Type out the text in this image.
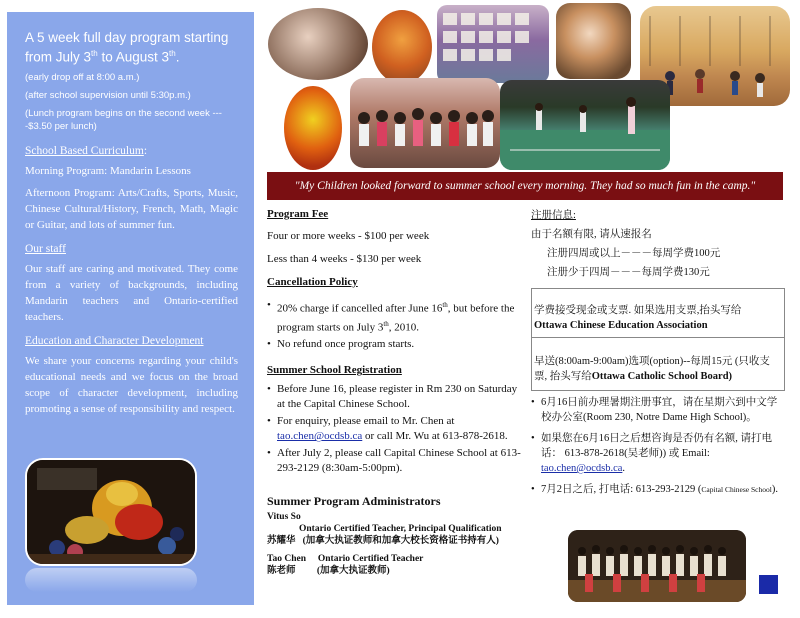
A 5 week full day program starting from July 3th to August 3th.
(early drop off at 8:00 a.m.)
(after school supervision until 5:30p.m.)
(Lunch program begins on the second week ----$3.50 per lunch)
School Based Curriculum:
Morning Program: Mandarin Lessons
Afternoon Program: Arts/Crafts, Sports, Music, Chinese Cultural/History, French, Math, Magic or Guitar, and lots of summer fun.
Our staff
Our staff are caring and motivated. They come from a variety of backgrounds, including Mandarin teachers and Ontario-certified teachers.
Education and Character Development
We share your concerns regarding your child's educational needs and we focus on the broad scope of character development, including promoting a sense of responsibility and respect.
"My Children looked forward to summer school every morning. They had so much fun in the camp."
Program Fee
Four or more weeks - $100 per week
Less than 4 weeks - $130 per week
Cancellation Policy
• 20% charge if cancelled after June 16th, but before the program starts on July 3th, 2010.
• No refund once program starts.
Summer School Registration
• Before June 16, please register in Rm 230 on Saturday at the Capital Chinese School.
• For enquiry, please email to Mr. Chen at tao.chen@ocdsb.ca or call Mr. Wu at 613-878-2618.
• After July 2, please call Capital Chinese School at 613-293-2129 (8:30am-5:00pm).
Summer Program Administrators
Vitus So
Ontario Certified Teacher, Principal Qualification
苏耀华 (加拿大执证教师和加拿大校长资格证书持有人)
Tao Chen Ontario Certified Teacher
陈老师 (加拿大执证教师)
注册信息:
由于名额有限, 请从速报名
注册四周或以上－－－每周学费100元
注册少于四周－－－每周学费130元
学费接受现金或支票. 如果选用支票,抬头写给
Ottawa Chinese Education Association
早送(8:00am-9:00am)选项(option)--每周15元 (只收支票, 抬头写给Ottawa Catholic School Board)
• 6月16日前办理暑期注册事宜，请在星期六到中文学校办公室(Room 230, Notre Dame High School)。
• 如果您在6月16日之后想咨询是否仍有名额, 请打电话： 613-878-2618(吴老师)) 或 Email:
tao.chen@ocdsb.ca.
• 7月2日之后, 打电话: 613-293-2129 (Capital Chinese School).
